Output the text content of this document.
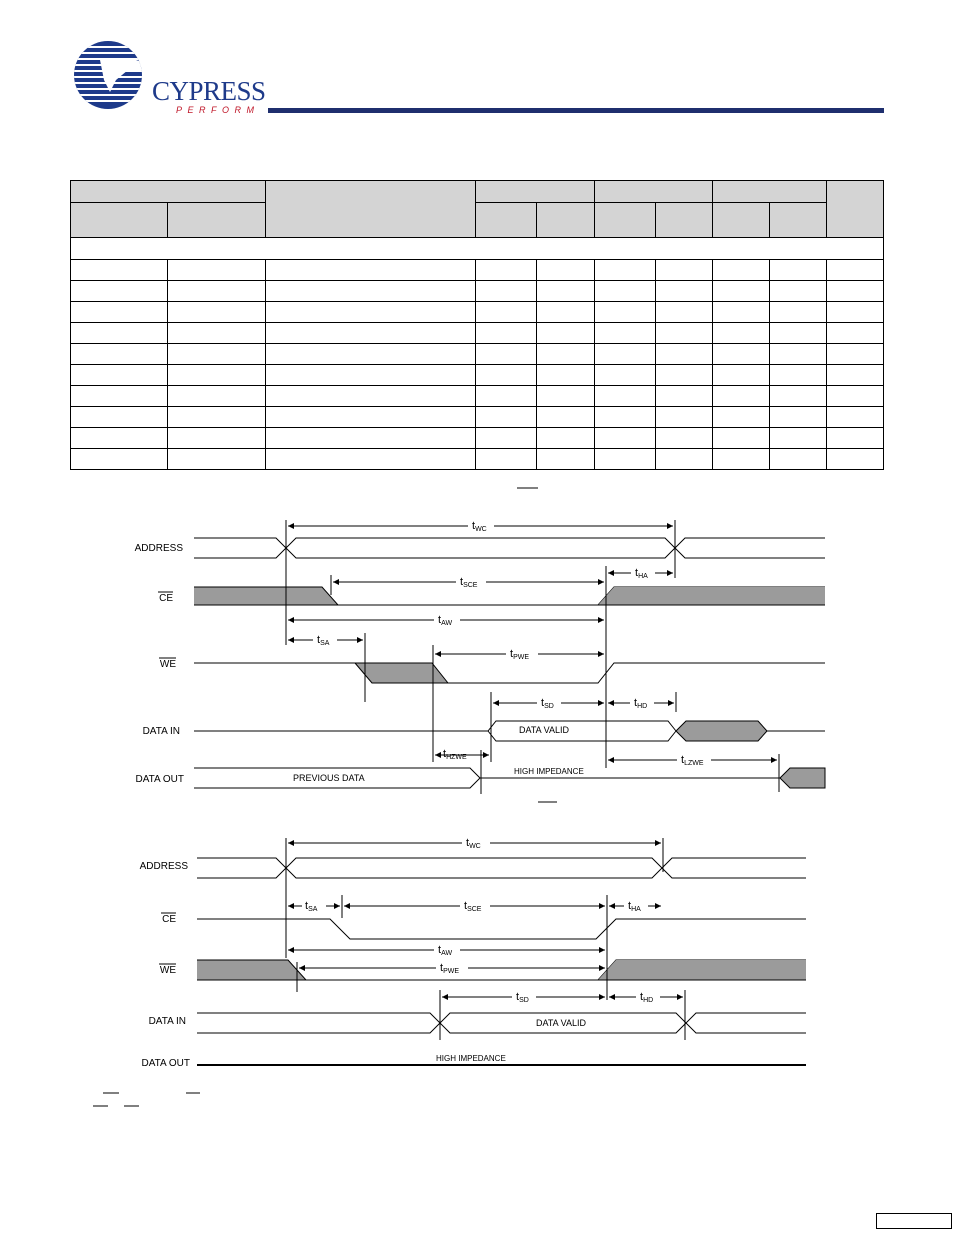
CYPRESS
PERFORM

ADDRESS
CE
WE
DATA IN
DATA OUT
tWC
tSCE
tHA
tAW
tSA
tPWE
tSD	tHD
tHZWE	tLZWE
DATA VALID
PREVIOUS DATA
HIGH IMPEDANCE
ADDRESS
CE
WE
DATA IN
DATA OUT
tWC
tSA	tSCE	tHA
tAW
tPWE
tSD	tHD
DATA VALID
HIGH IMPEDANCE
